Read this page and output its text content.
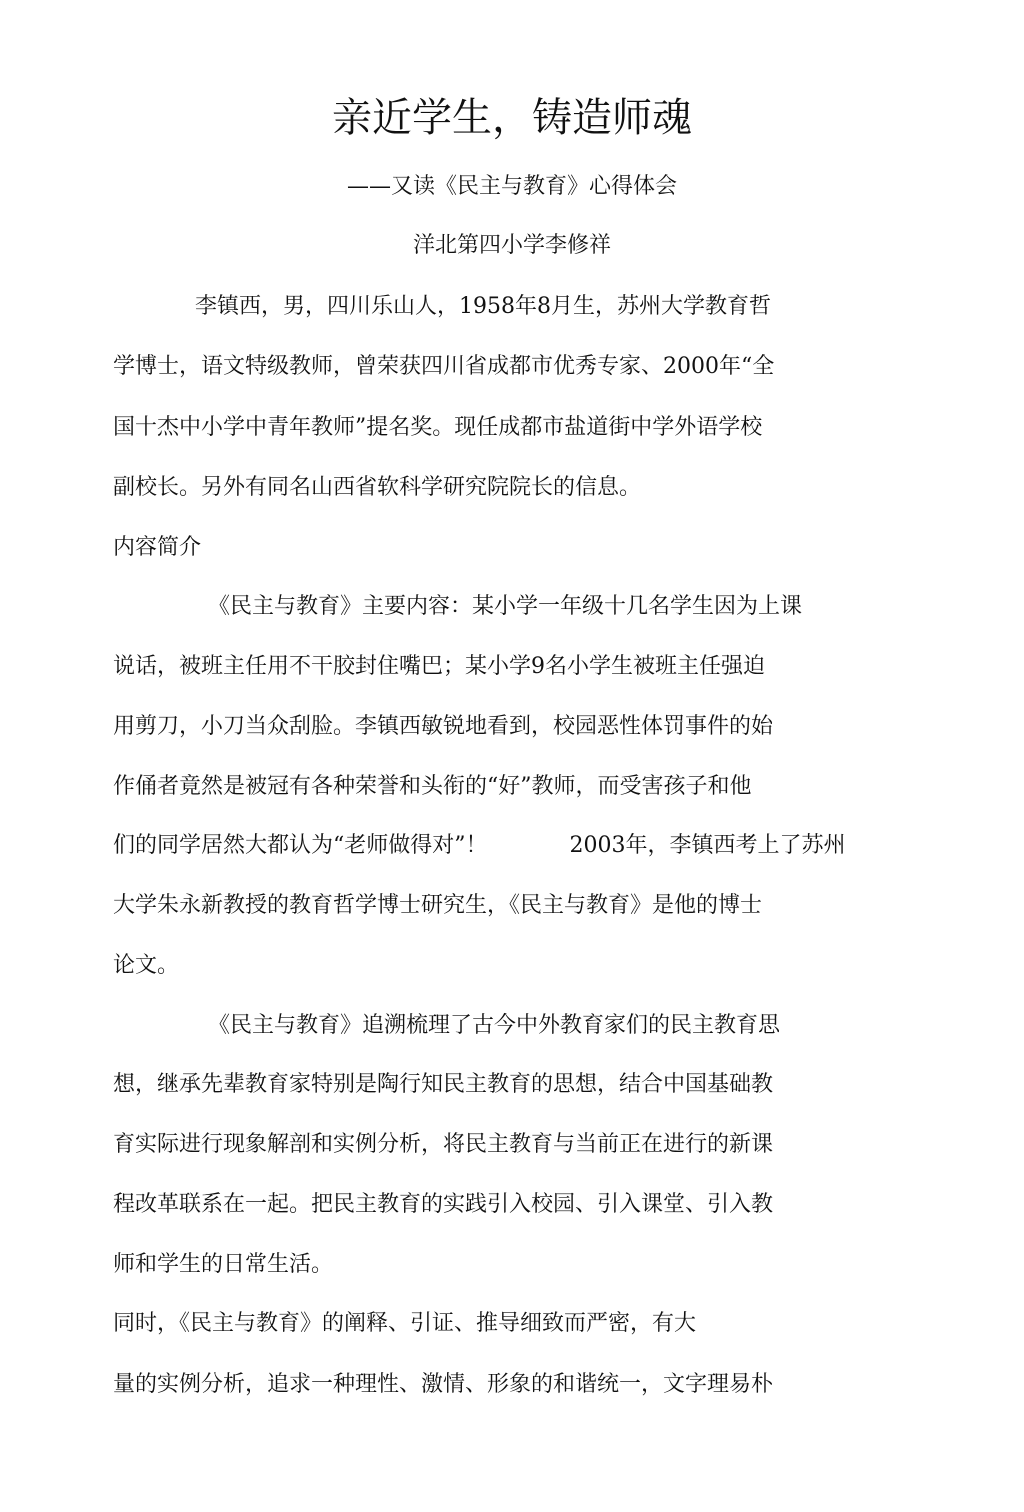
亲近学生，铸造师魂
——又读《民主与教育》心得体会
洋北第四小学李修祥
李镇西，男，四川乐山人，1958年8月生，苏州大学教育哲
学博士，语文特级教师，曾荣获四川省成都市优秀专家、2000年“全
国十杰中小学中青年教师”提名奖。现任成都市盐道街中学外语学校
副校长。另外有同名山西省软科学研究院院长的信息。
内容简介
《民主与教育》主要内容：某小学一年级十几名学生因为上课
说话，被班主任用不干胶封住嘴巴；某小学9名小学生被班主任强迫
用剪刀，小刀当众刮脸。李镇西敏锐地看到，校园恶性体罚事件的始
作俑者竟然是被冠有各种荣誉和头衔的“好”教师，而受害孩子和他
们的同学居然大都认为“老师做得对”！	2003年，李镇西考上了苏州
大学朱永新教授的教育哲学博士研究生，《民主与教育》是他的博士
论文。
《民主与教育》追溯梳理了古今中外教育家们的民主教育思
想，继承先辈教育家特别是陶行知民主教育的思想，结合中国基础教
育实际进行现象解剖和实例分析，将民主教育与当前正在进行的新课
程改革联系在一起。把民主教育的实践引入校园、引入课堂、引入教
师和学生的日常生活。
同时，《民主与教育》的阐释、引证、推导细致而严密，有大
量的实例分析，追求一种理性、激情、形象的和谐统一，文字理易朴
